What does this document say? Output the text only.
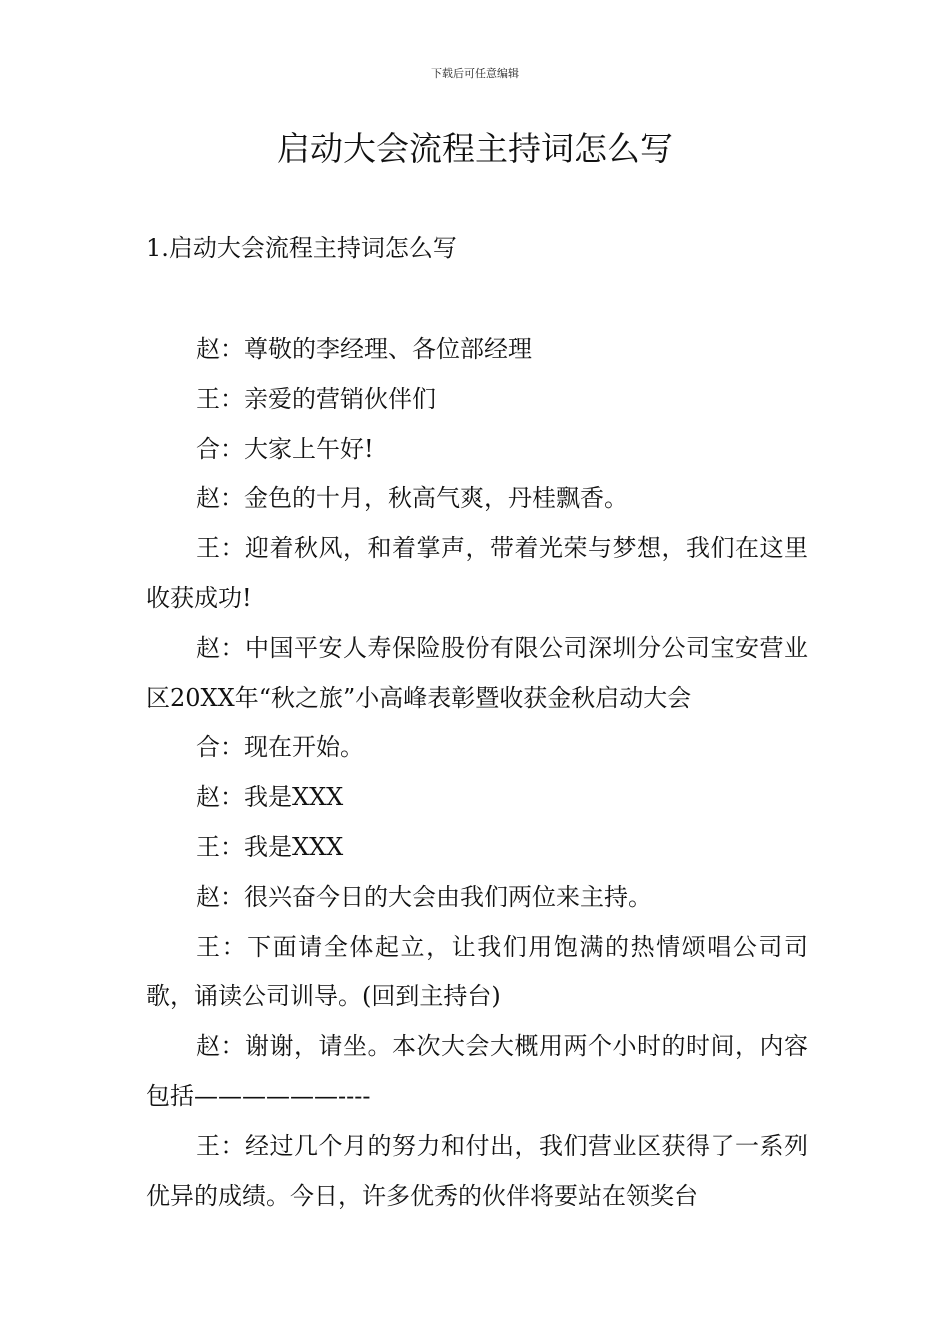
下载后可任意编辑
启动大会流程主持词怎么写
1.启动大会流程主持词怎么写

赵：尊敬的李经理、各位部经理

王：亲爱的营销伙伴们

合：大家上午好!

赵：金色的十月，秋高气爽，丹桂飘香。

王：迎着秋风，和着掌声，带着光荣与梦想，我们在这里收获成功!

赵：中国平安人寿保险股份有限公司深圳分公司宝安营业区20XX年“秋之旅”小高峰表彰暨收获金秋启动大会

合：现在开始。

赵：我是XXX

王：我是XXX

赵：很兴奋今日的大会由我们两位来主持。

王：下面请全体起立，让我们用饱满的热情颂唱公司司歌，诵读公司训导。(回到主持台)

赵：谢谢，请坐。本次大会大概用两个小时的时间，内容包括——————----

王：经过几个月的努力和付出，我们营业区获得了一系列优异的成绩。今日，许多优秀的伙伴将要站在领奖台
